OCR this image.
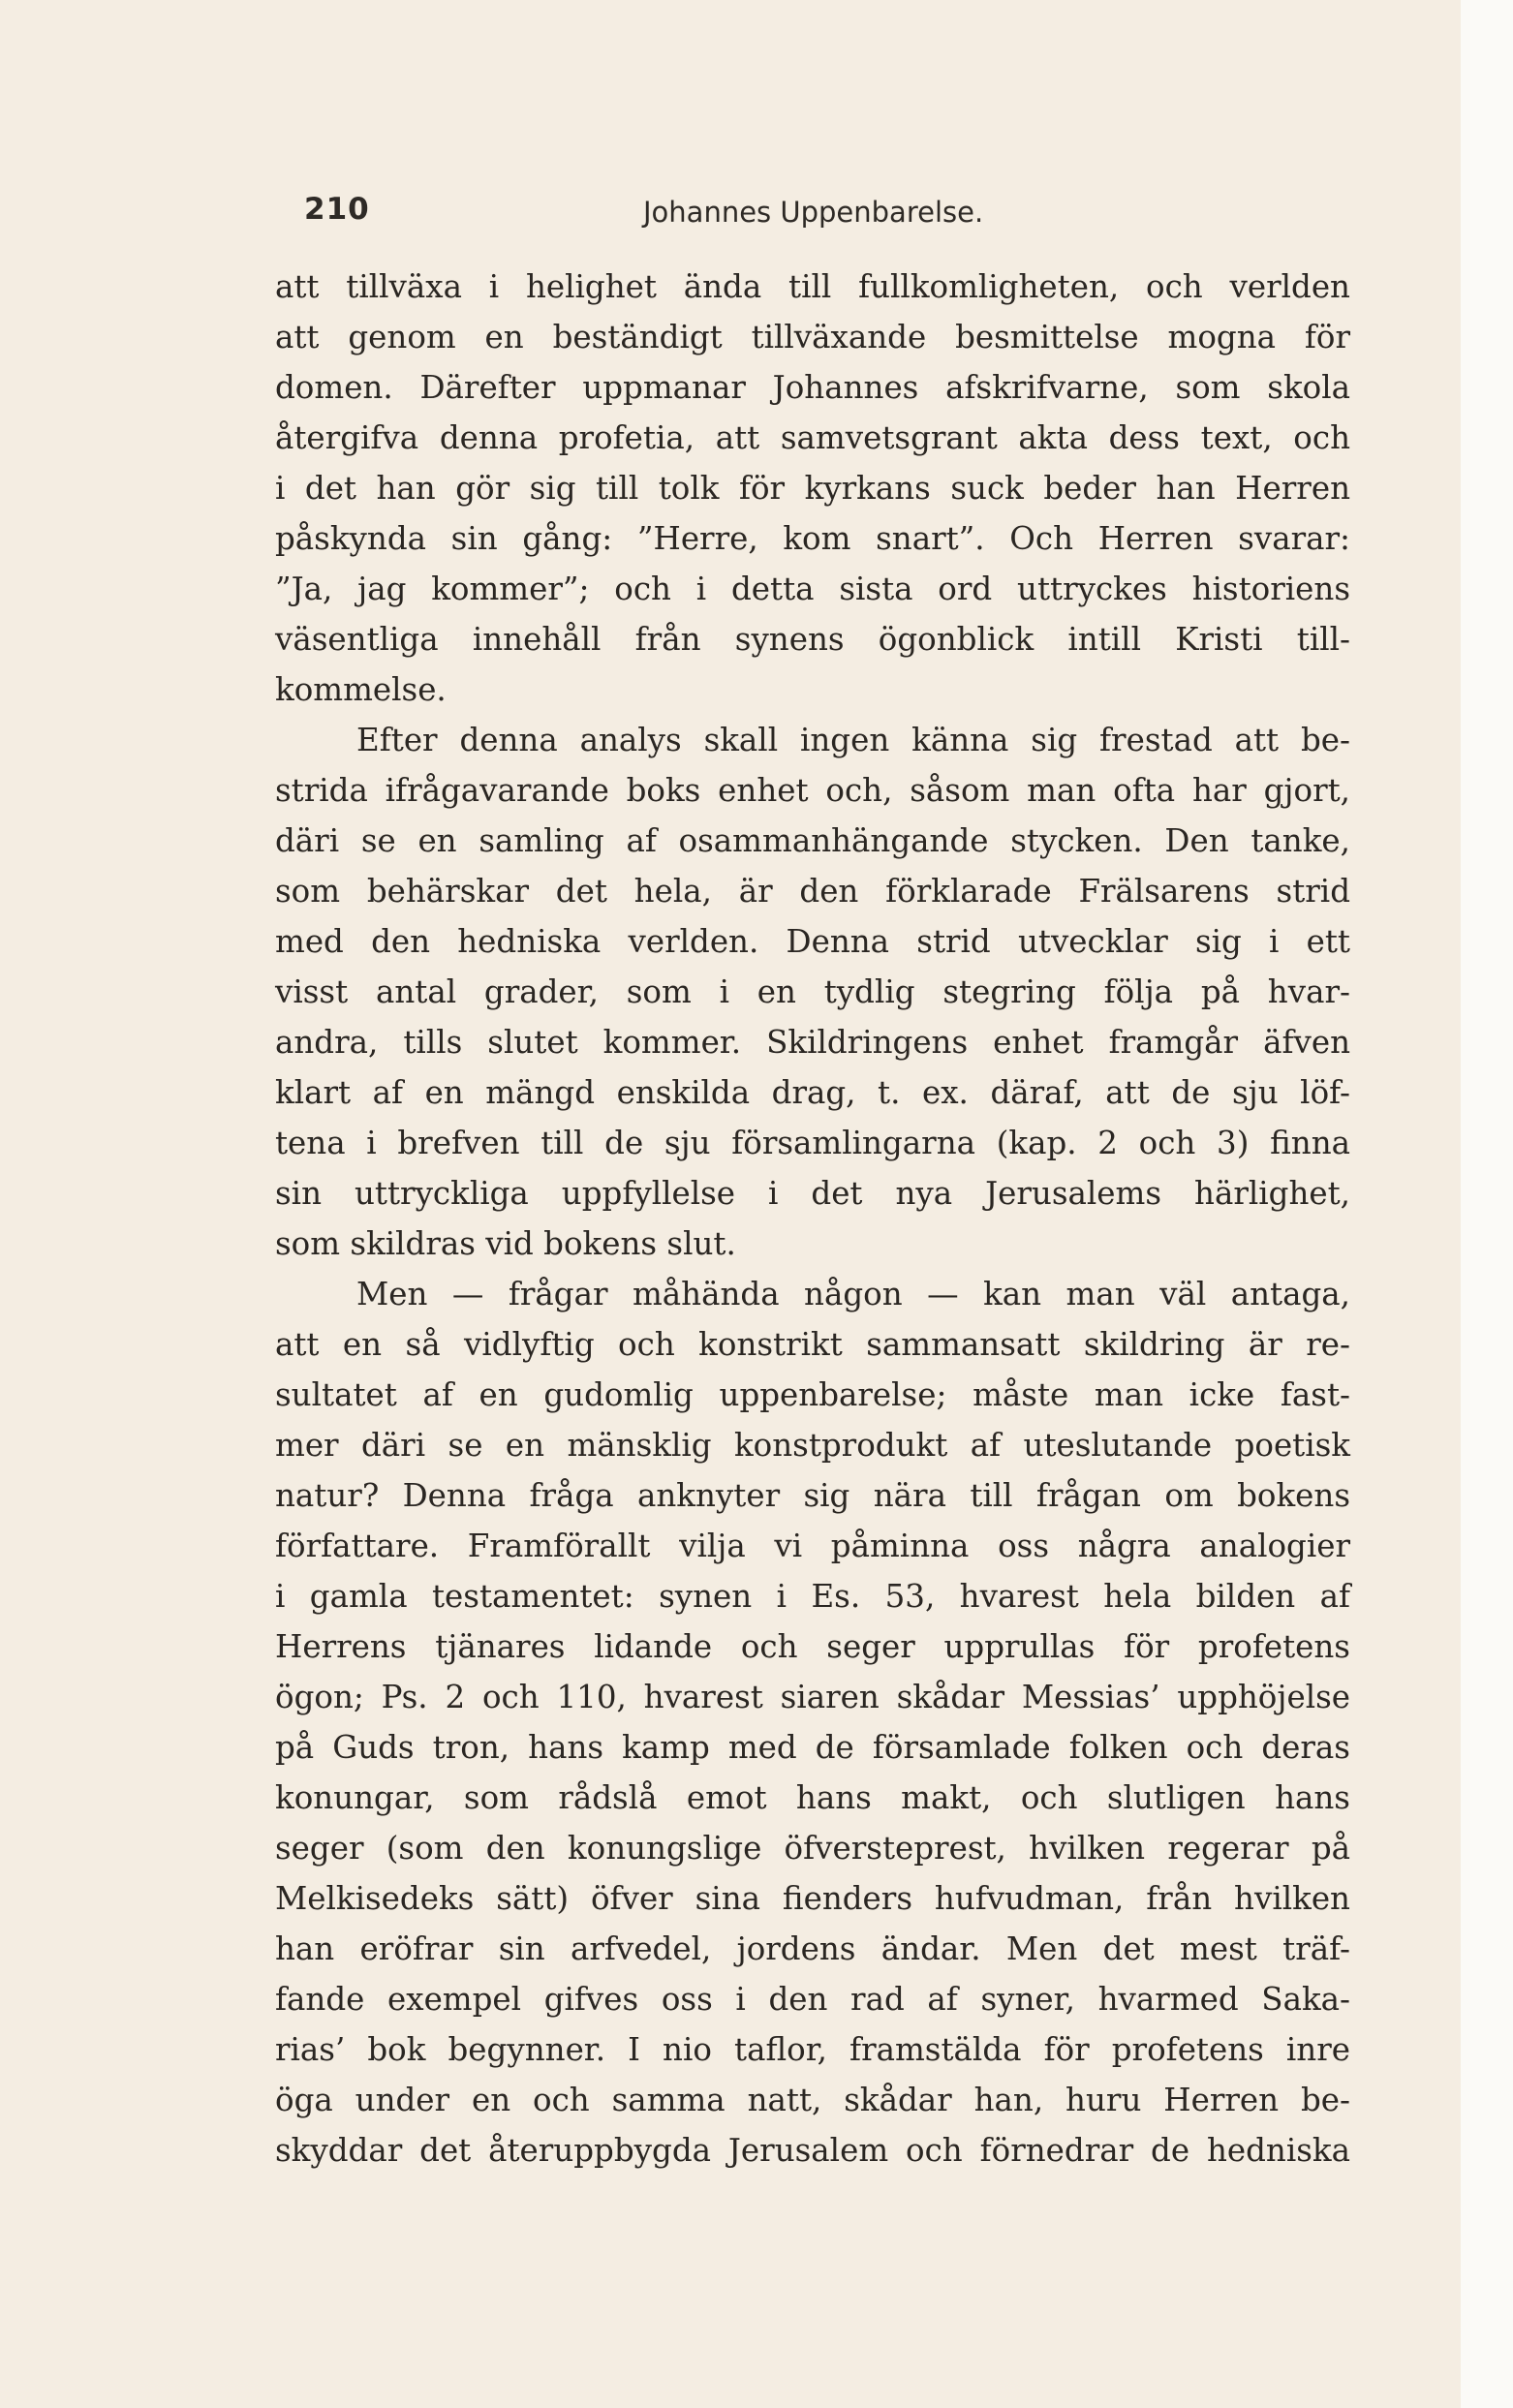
210	Johannes Uppenbarelse.
att tillväxa i helighet ända till fullkomligheten, och verlden
att genom en beständigt tillväxande besmittelse mogna för
domen. Därefter uppmanar Johannes afskrifvarne, som skola
återgifva denna profetia, att samvetsgrant akta dess text, och
i det han gör sig till tolk för kyrkans suck beder han Herren
påskynda sin gång: ”Herre, kom snart”. Och Herren svarar:
”Ja, jag kommer”; och i detta sista ord uttryckes historiens
väsentliga innehåll från synens ögonblick intill Kristi till-
kommelse.
Efter denna analys skall ingen känna sig frestad att be-
strida ifrågavarande boks enhet och, såsom man ofta har gjort,
däri se en samling af osammanhängande stycken. Den tanke,
som behärskar det hela, är den förklarade Frälsarens strid
med den hedniska verlden. Denna strid utvecklar sig i ett
visst antal grader, som i en tydlig stegring följa på hvar-
andra, tills slutet kommer. Skildringens enhet framgår äfven
klart af en mängd enskilda drag, t. ex. däraf, att de sju löf-
tena i brefven till de sju församlingarna (kap. 2 och 3) finna
sin uttryckliga uppfyllelse i det nya Jerusalems härlighet,
som skildras vid bokens slut.
Men — frågar måhända någon — kan man väl antaga,
att en så vidlyftig och konstrikt sammansatt skildring är re-
sultatet af en gudomlig uppenbarelse; måste man icke fast-
mer däri se en mänsklig konstprodukt af uteslutande poetisk
natur? Denna fråga anknyter sig nära till frågan om bokens
författare. Framförallt vilja vi påminna oss några analogier
i gamla testamentet: synen i Es. 53, hvarest hela bilden af
Herrens tjänares lidande och seger upprullas för profetens
ögon; Ps. 2 och 110, hvarest siaren skådar Messias’ upphöjelse
på Guds tron, hans kamp med de församlade folken och deras
konungar, som rådslå emot hans makt, och slutligen hans
seger (som den konungslige öfversteprest, hvilken regerar på
Melkisedeks sätt) öfver sina fienders hufvudman, från hvilken
han eröfrar sin arfvedel, jordens ändar. Men det mest träf-
fande exempel gifves oss i den rad af syner, hvarmed Saka-
rias’ bok begynner. I nio taflor, framstälda för profetens inre
öga under en och samma natt, skådar han, huru Herren be-
skyddar det återuppbygda Jerusalem och förnedrar de hedniska
